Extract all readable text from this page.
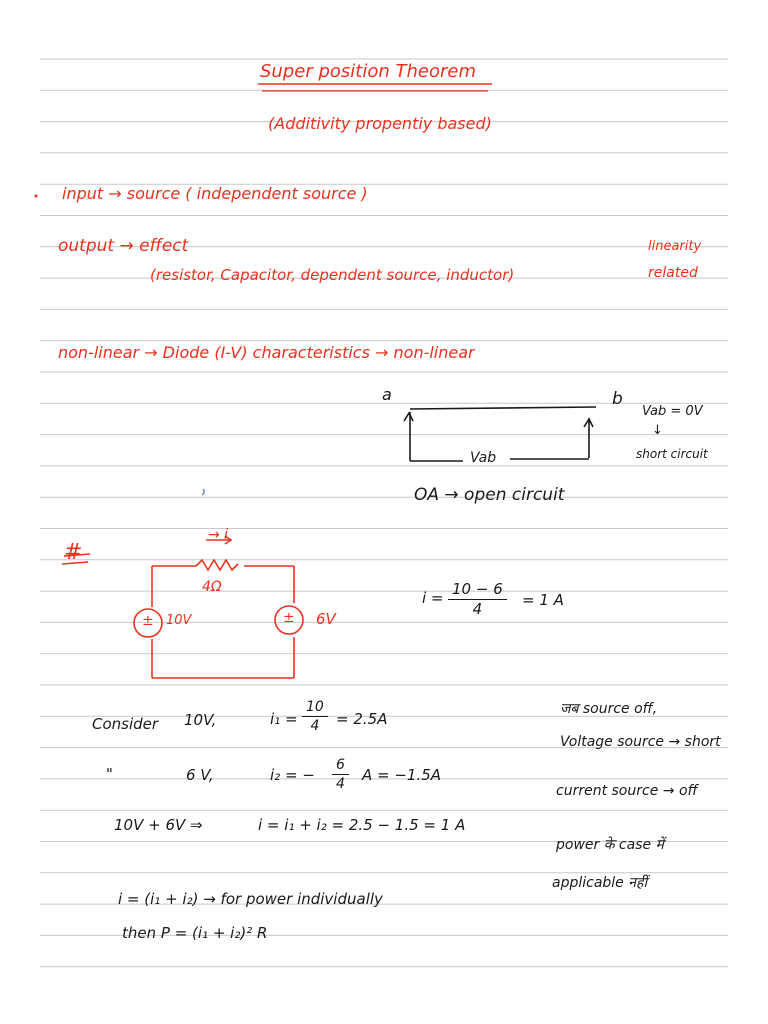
Super position Theorem
(Additivity propentiy based)
input → source ( independent source )
output → effect	linearity
(resistor, Capacitor, dependent source, inductor)	related
non-linear → Diode (I-V) characteristics → non-linear
a	b
Vab
Vab = 0V
↓
short circuit
OA → open circuit
#
→ i
4Ω
± 10V	± 6V
$i = \frac{10 - 6}{4} = 1$ A
Consider 10V,	$i_1 = \frac{10}{4} = 2.5A$
"	6 V,	i₂ = − $\frac{6}{4}$ A = −1.5A
10V + 6V ⇒	i = i₁ + i₂ = 2.5 − 1.5 = 1 A
i = (i₁ + i₂) → for power individually
then P = (i₁ + i₂)² R
जब source off,
Voltage source → short
current source → off
power के case में
applicable नहीं
